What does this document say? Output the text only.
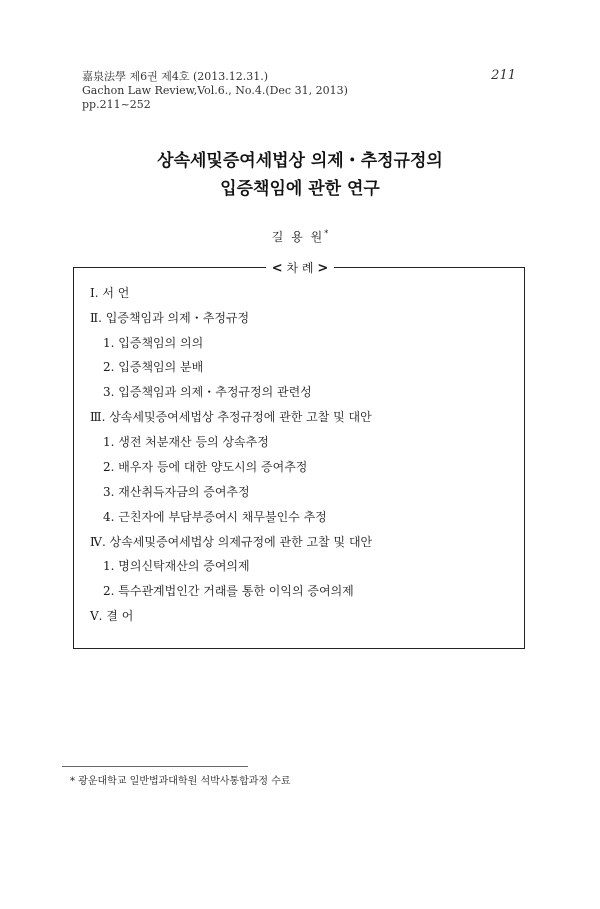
嘉泉法學 제6권 제4호 (2013.12.31.)
Gachon Law Review,Vol.6., No.4.(Dec 31, 2013)
pp.211~252
211
상속세및증여세법상 의제・추정규정의
입증책임에 관한 연구
길 용 원*
< 차 례 >
Ⅰ. 서 언
Ⅱ. 입증책임과 의제・추정규정
1. 입증책임의 의의
2. 입증책임의 분배
3. 입증책임과 의제・추정규정의 관련성
Ⅲ. 상속세및증여세법상 추정규정에 관한 고찰 및 대안
1. 생전 처분재산 등의 상속추정
2. 배우자 등에 대한 양도시의 증여추정
3. 재산취득자금의 증여추정
4. 근친자에 부담부증여시 채무불인수 추정
Ⅳ. 상속세및증여세법상 의제규정에 관한 고찰 및 대안
1. 명의신탁재산의 증여의제
2. 특수관계법인간 거래를 통한 이익의 증여의제
Ⅴ. 결 어
* 광운대학교 일반법과대학원 석박사통합과정 수료
